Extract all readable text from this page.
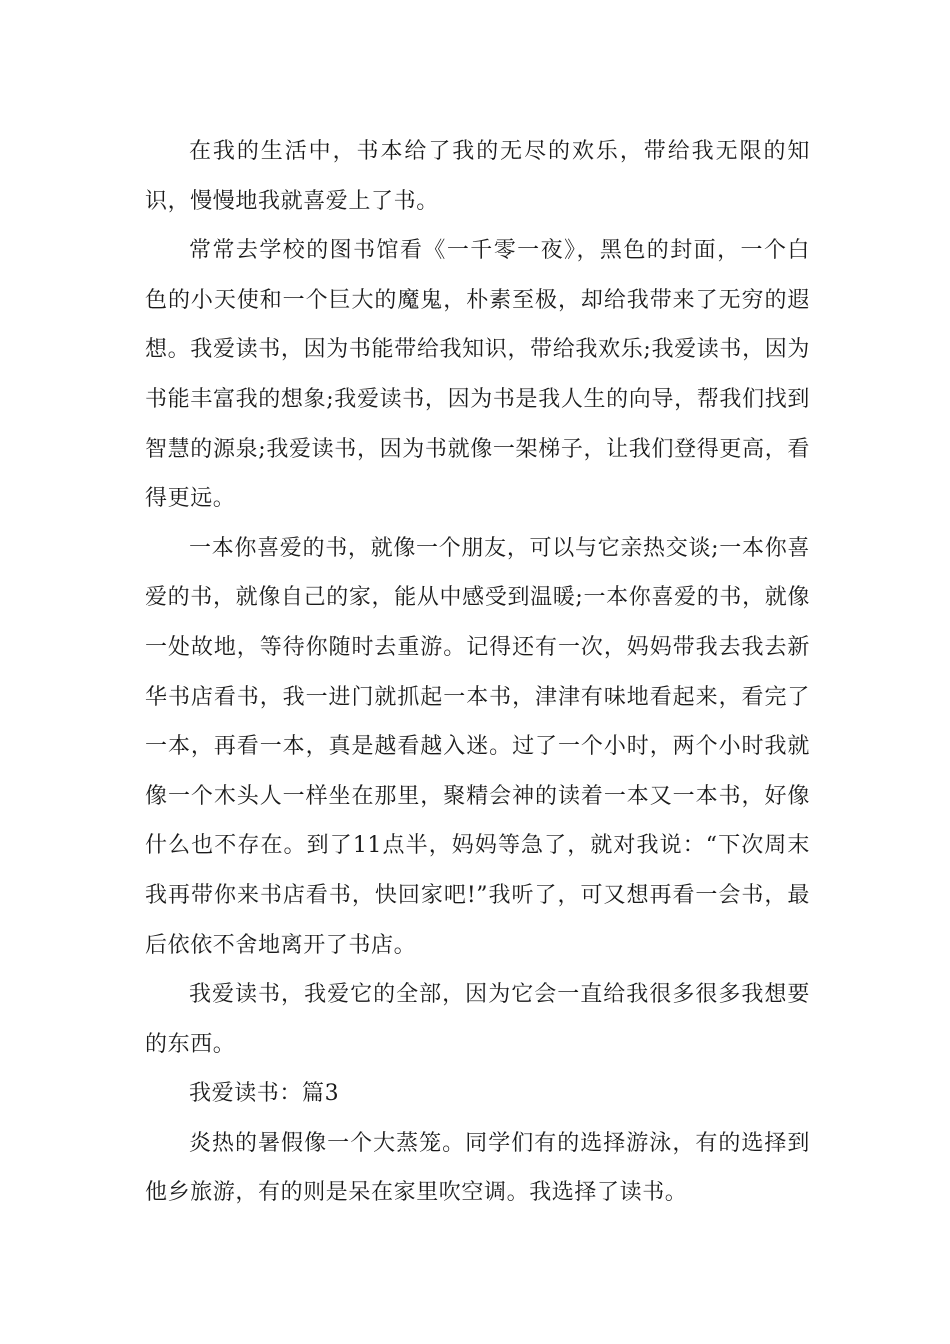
在我的生活中，书本给了我的无尽的欢乐，带给我无限的知识，慢慢地我就喜爱上了书。

常常去学校的图书馆看《一千零一夜》，黑色的封面，一个白色的小天使和一个巨大的魔鬼，朴素至极，却给我带来了无穷的遐想。我爱读书，因为书能带给我知识，带给我欢乐;我爱读书，因为书能丰富我的想象;我爱读书，因为书是我人生的向导，帮我们找到智慧的源泉;我爱读书，因为书就像一架梯子，让我们登得更高，看得更远。

一本你喜爱的书，就像一个朋友，可以与它亲热交谈;一本你喜爱的书，就像自己的家，能从中感受到温暖;一本你喜爱的书，就像一处故地，等待你随时去重游。记得还有一次，妈妈带我去我去新华书店看书，我一进门就抓起一本书，津津有味地看起来，看完了一本，再看一本，真是越看越入迷。过了一个小时，两个小时我就像一个木头人一样坐在那里，聚精会神的读着一本又一本书，好像什么也不存在。到了11点半，妈妈等急了，就对我说：“下次周末我再带你来书店看书，快回家吧!”我听了，可又想再看一会书，最后依依不舍地离开了书店。

我爱读书，我爱它的全部，因为它会一直给我很多很多我想要的东西。

我爱读书：篇3

炎热的暑假像一个大蒸笼。同学们有的选择游泳，有的选择到他乡旅游，有的则是呆在家里吹空调。我选择了读书。
